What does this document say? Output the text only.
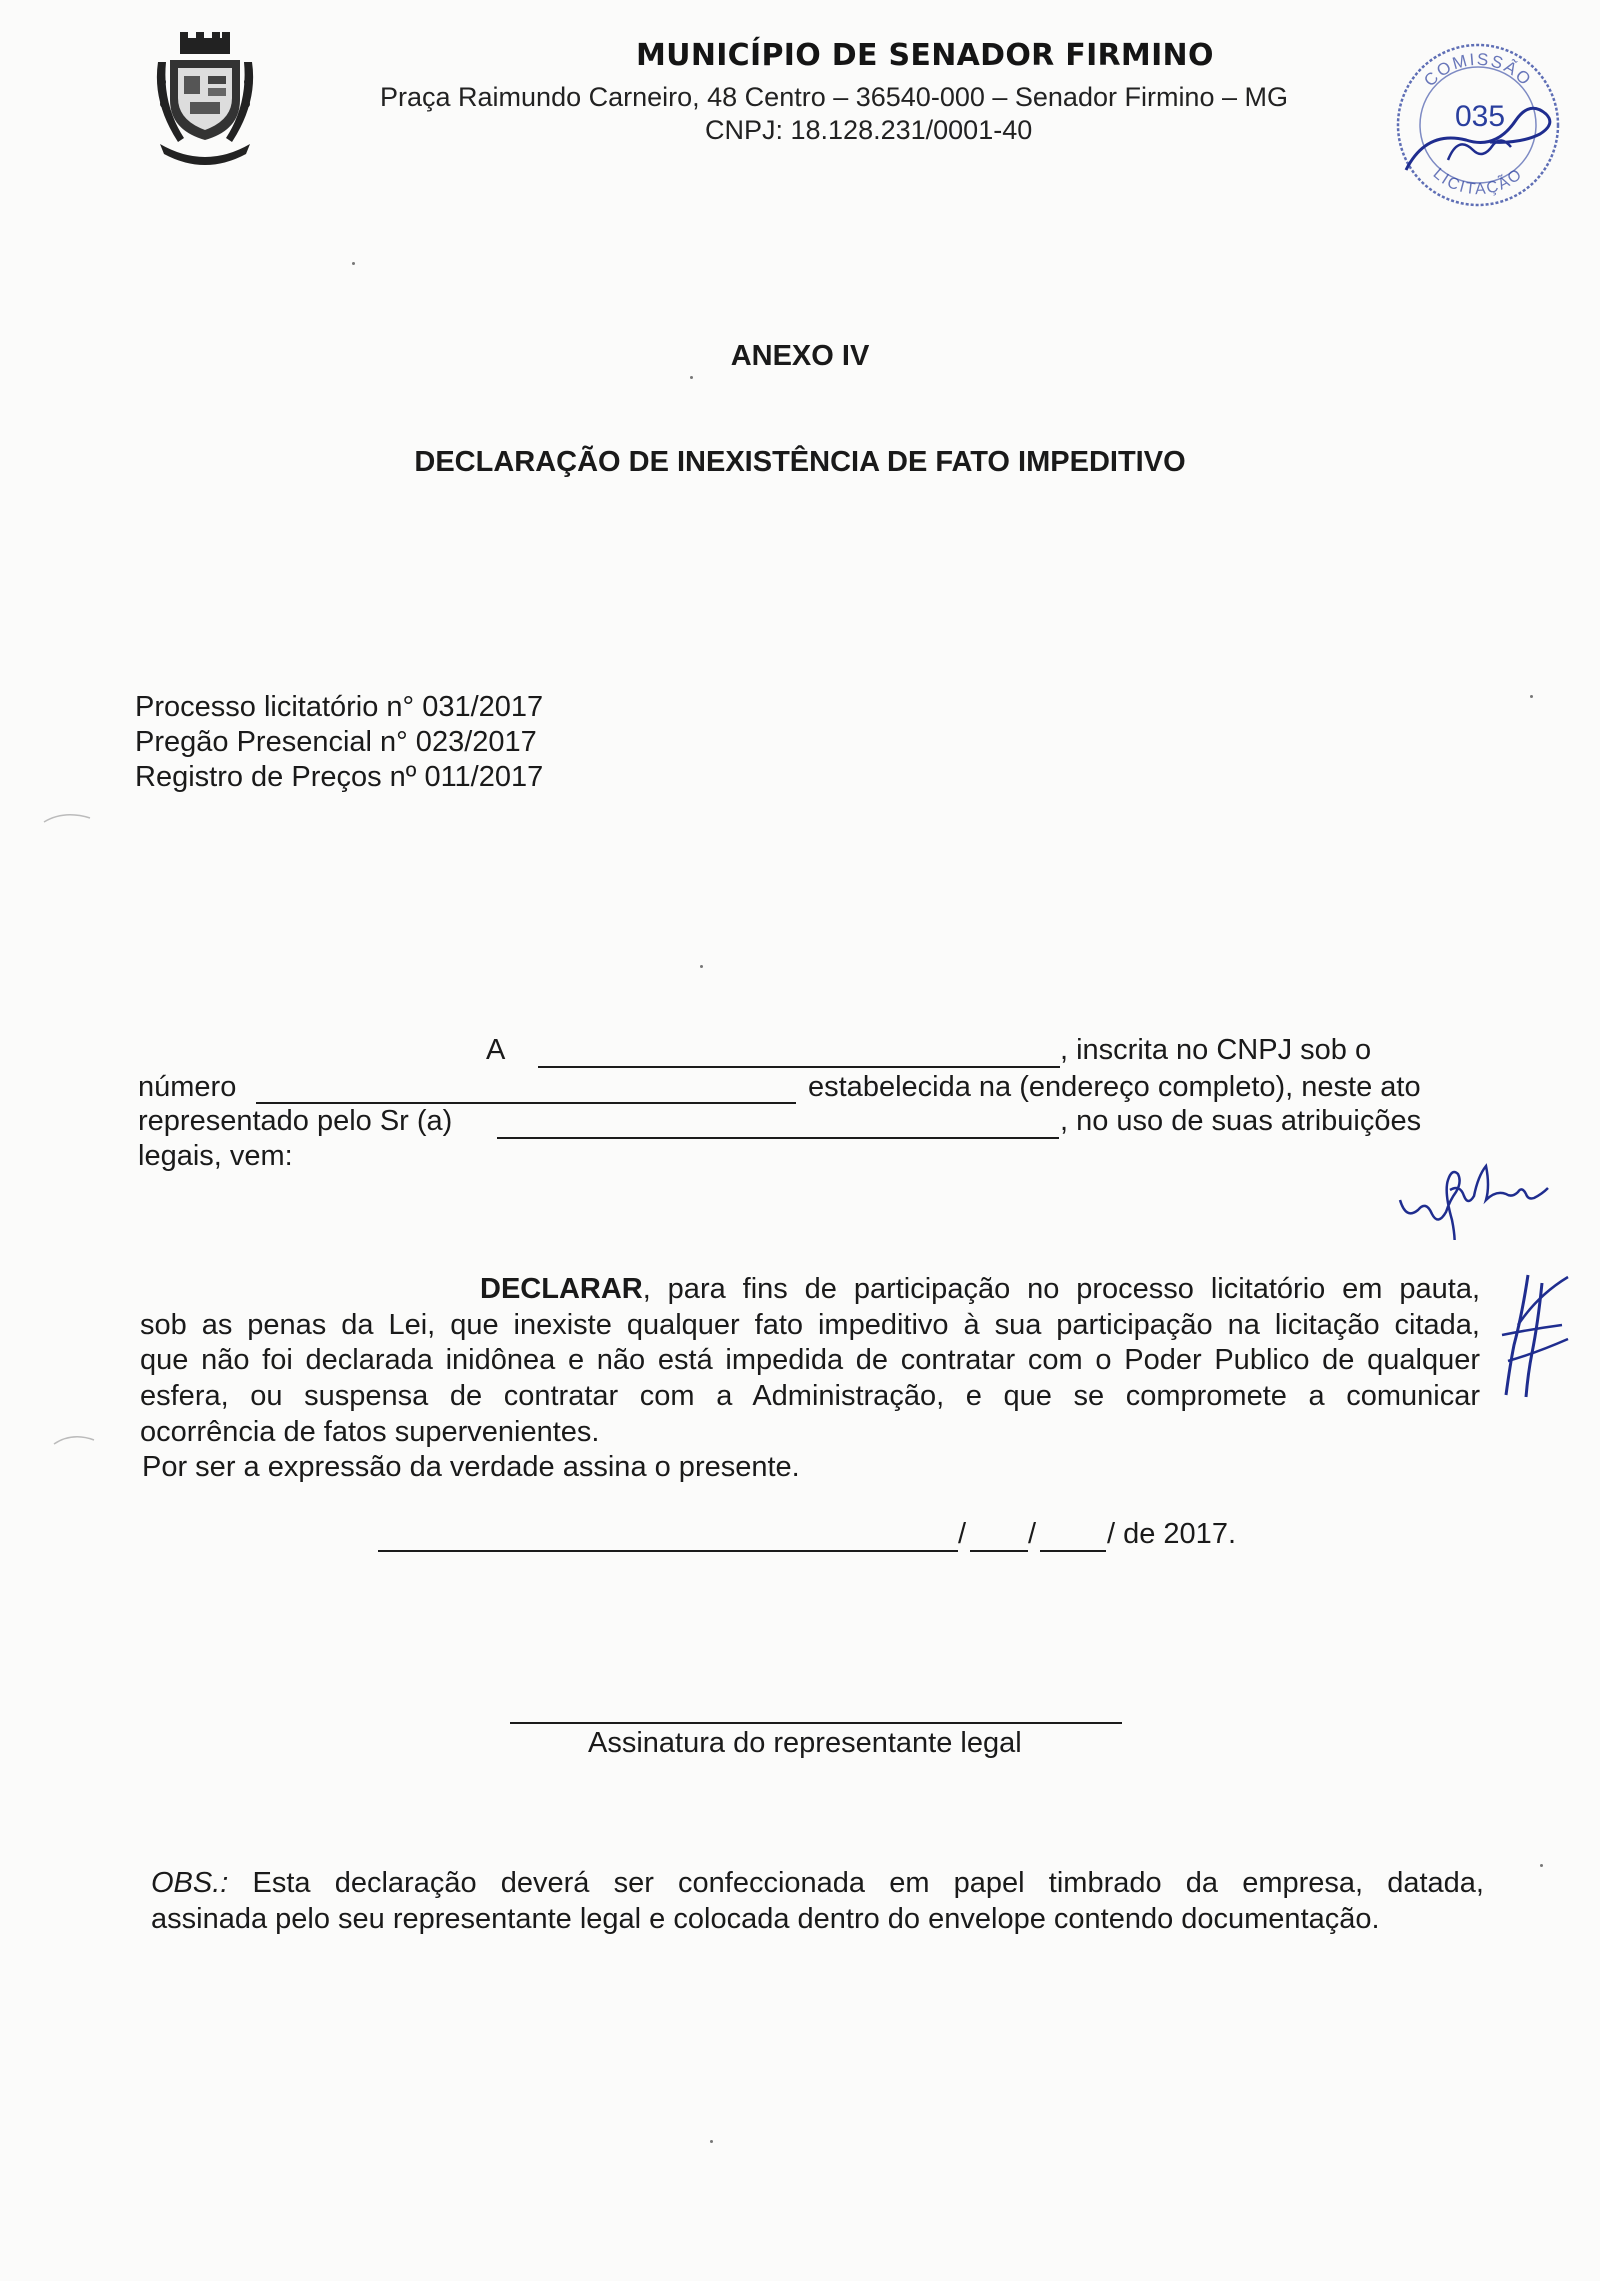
MUNICÍPIO DE SENADOR FIRMINO
Praça Raimundo Carneiro, 48 Centro – 36540-000 – Senador Firmino – MG
CNPJ: 18.128.231/0001-40
COMISSÃO
035
LICITAÇÃO
ANEXO IV
DECLARAÇÃO DE INEXISTÊNCIA DE FATO IMPEDITIVO
Processo licitatório n° 031/2017
Pregão Presencial n° 023/2017
Registro de Preços nº 011/2017
A	, inscrita no CNPJ sob o
número	estabelecida na (endereço completo), neste ato
representado pelo Sr (a)	, no uso de suas atribuições
legais, vem:
DECLARAR, para fins de participação no processo licitatório em pauta,
sob as penas da Lei, que inexiste qualquer fato impeditivo à sua participação na licitação citada,
que não foi declarada inidônea e não está impedida de contratar com o Poder Publico de qualquer
esfera, ou suspensa de contratar com a Administração, e que se compromete a comunicar
ocorrência de fatos supervenientes.
Por ser a expressão da verdade assina o presente.
/ / / de 2017.
Assinatura do representante legal
OBS.: Esta declaração deverá ser confeccionada em papel timbrado da empresa, datada,
assinada pelo seu representante legal e colocada dentro do envelope contendo documentação.
